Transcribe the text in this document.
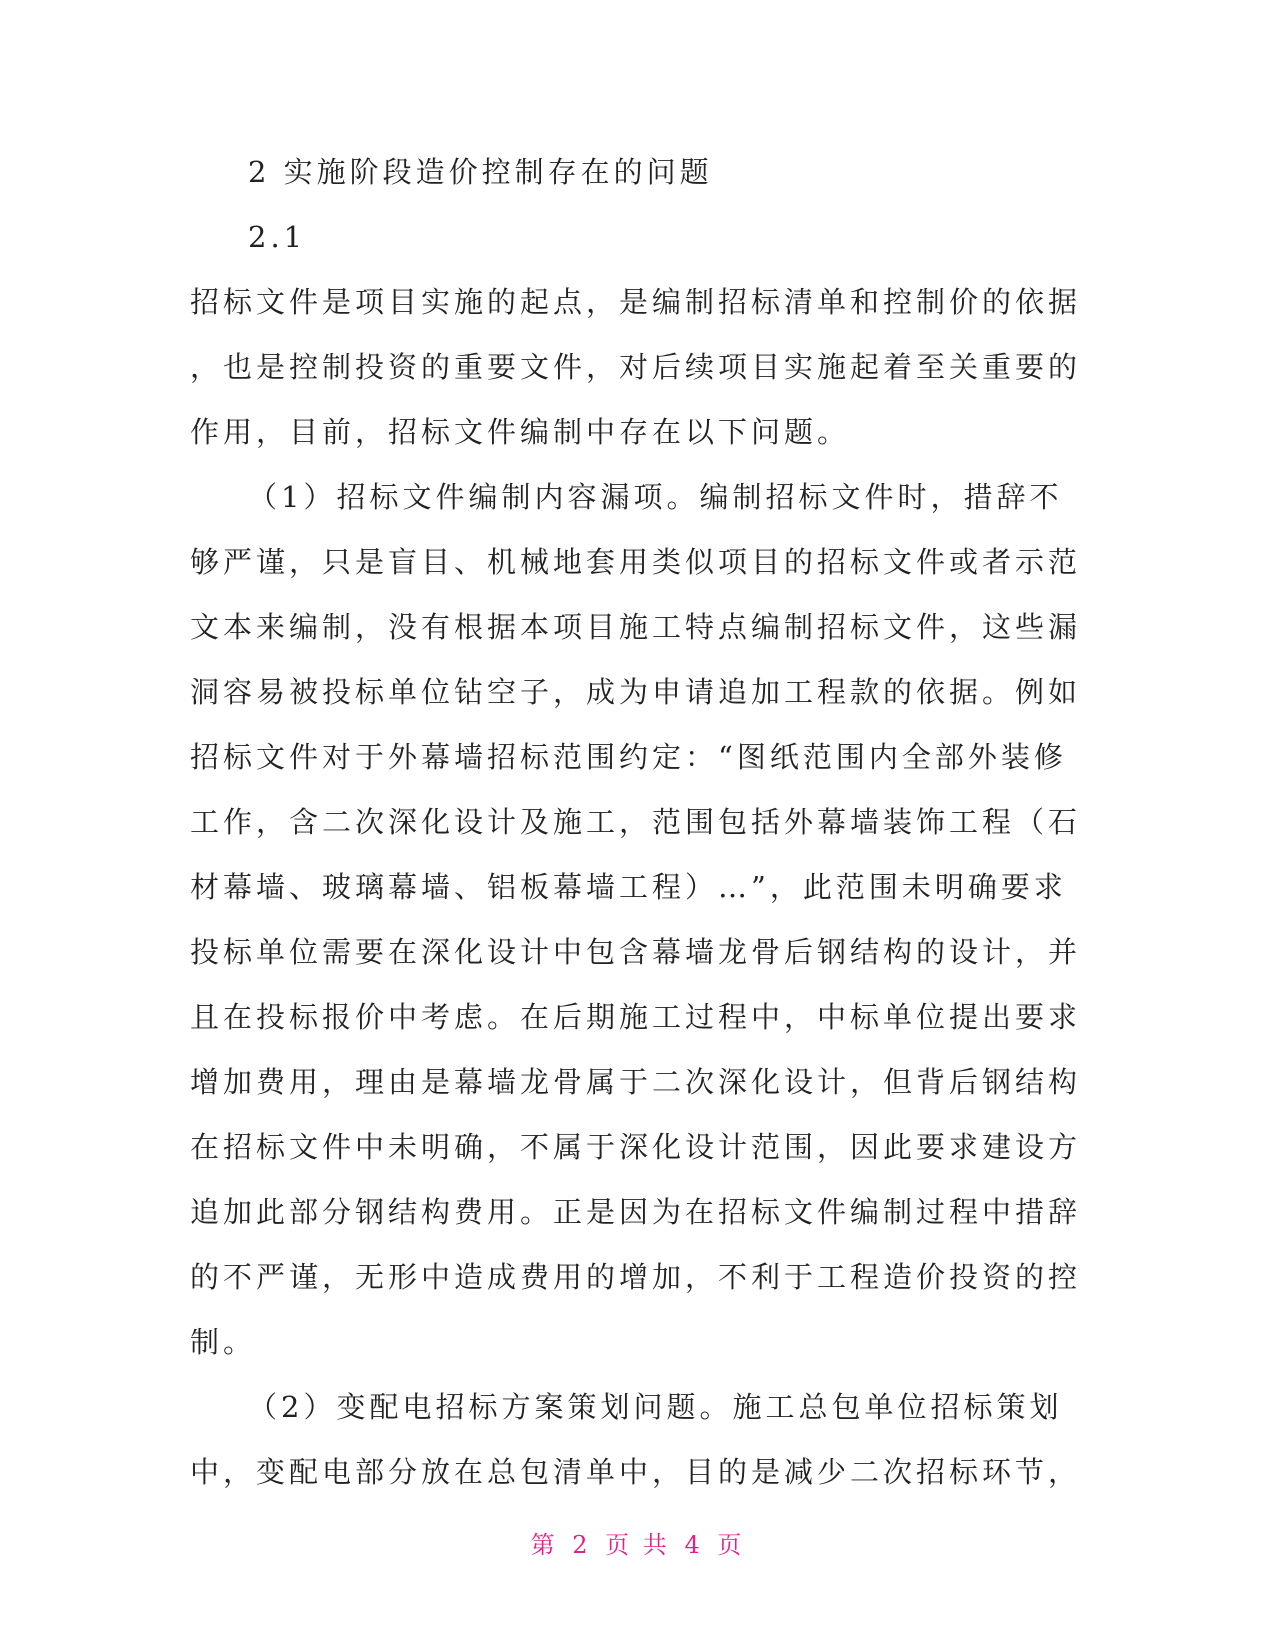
2 实施阶段造价控制存在的问题
2.1
招标文件是项目实施的起点，是编制招标清单和控制价的依据
，也是控制投资的重要文件，对后续项目实施起着至关重要的
作用，目前，招标文件编制中存在以下问题。
（1）招标文件编制内容漏项。编制招标文件时，措辞不
够严谨，只是盲目、机械地套用类似项目的招标文件或者示范
文本来编制，没有根据本项目施工特点编制招标文件，这些漏
洞容易被投标单位钻空子，成为申请追加工程款的依据。例如
招标文件对于外幕墙招标范围约定：“图纸范围内全部外装修
工作，含二次深化设计及施工，范围包括外幕墙装饰工程（石
材幕墙、玻璃幕墙、铝板幕墙工程）…”，此范围未明确要求
投标单位需要在深化设计中包含幕墙龙骨后钢结构的设计，并
且在投标报价中考虑。在后期施工过程中，中标单位提出要求
增加费用，理由是幕墙龙骨属于二次深化设计，但背后钢结构
在招标文件中未明确，不属于深化设计范围，因此要求建设方
追加此部分钢结构费用。正是因为在招标文件编制过程中措辞
的不严谨，无形中造成费用的增加，不利于工程造价投资的控
制。
（2）变配电招标方案策划问题。施工总包单位招标策划
中，变配电部分放在总包清单中，目的是减少二次招标环节，
第 2 页 共 4 页
